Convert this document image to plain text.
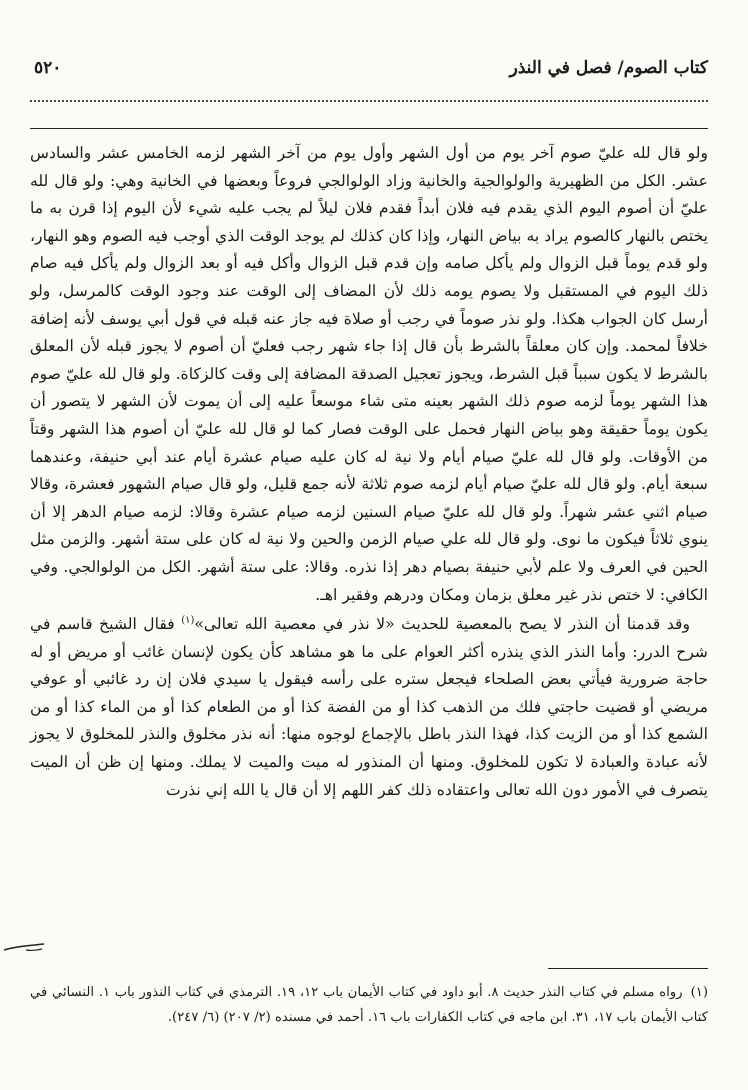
كتاب الصوم/ فصل في النذر
٥٢٠

ولو قال لله عليّ صوم آخر يوم من أول الشهر وأول يوم من آخر الشهر لزمه الخامس عشر والسادس عشر. الكل من الظهيرية والولوالجية والخانية وزاد الولوالجي فروعاً وبعضها في الخانية وهي: ولو قال لله عليّ أن أصوم اليوم الذي يقدم فيه فلان أبداً فقدم فلان ليلاً لم يجب عليه شيء لأن اليوم إذا قرن به ما يختص بالنهار كالصوم يراد به بياض النهار، وإذا كان كذلك لم يوجد الوقت الذي أوجب فيه الصوم وهو النهار، ولو قدم يوماً قبل الزوال ولم يأكل صامه وإن قدم قبل الزوال وأكل فيه أو بعد الزوال ولم يأكل فيه صام ذلك اليوم في المستقبل ولا يصوم يومه ذلك لأن المضاف إلى الوقت عند وجود الوقت كالمرسل، ولو أرسل كان الجواب هكذا. ولو نذر صوماً في رجب أو صلاة فيه جاز عنه قبله في قول أبي يوسف لأنه إضافة خلافاً لمحمد. وإن كان معلقاً بالشرط بأن قال إذا جاء شهر رجب فعليّ أن أصوم لا يجوز قبله لأن المعلق بالشرط لا يكون سبباً قبل الشرط، ويجوز تعجيل الصدقة المضافة إلى وقت كالزكاة. ولو قال لله عليّ صوم هذا الشهر يوماً لزمه صوم ذلك الشهر بعينه متى شاء موسعاً عليه إلى أن يموت لأن الشهر لا يتصور أن يكون يوماً حقيقة وهو بياض النهار فحمل على الوقت فصار كما لو قال لله عليّ أن أصوم هذا الشهر وقتاً من الأوقات. ولو قال لله عليّ صيام أيام ولا نية له كان عليه صيام عشرة أيام عند أبي حنيفة، وعندهما سبعة أيام. ولو قال لله عليّ صيام أيام لزمه صوم ثلاثة لأنه جمع قليل، ولو قال صيام الشهور فعشرة، وقالا صيام اثني عشر شهراً. ولو قال لله عليّ صيام السنين لزمه صيام عشرة وقالا: لزمه صيام الدهر إلا أن ينوي ثلاثاً فيكون ما نوى. ولو قال لله علي صيام الزمن والحين ولا نية له كان على ستة أشهر. والزمن مثل الحين في العرف ولا علم لأبي حنيفة بصيام دهر إذا نذره. وقالا: على ستة أشهر. الكل من الولوالجي. وفي الكافي: لا ختص نذر غير معلق بزمان ومكان ودرهم وفقير اهـ.

وقد قدمنا أن النذر لا يصح بالمعصية للحديث «لا نذر في معصية الله تعالى»$^{(١)}$ فقال الشيخ قاسم في شرح الدرر: وأما النذر الذي ينذره أكثر العوام على ما هو مشاهد كأن يكون لإنسان غائب أو مريض أو له حاجة ضرورية فيأتي بعض الصلحاء فيجعل ستره على رأسه فيقول يا سيدي فلان إن رد غائبي أو عوفي مريضي أو قضيت حاجتي فلك من الذهب كذا أو من الفضة كذا أو من الطعام كذا أو من الماء كذا أو من الشمع كذا أو من الزيت كذا، فهذا النذر باطل بالإجماع لوجوه منها: أنه نذر مخلوق والنذر للمخلوق لا يجوز لأنه عبادة والعبادة لا تكون للمخلوق. ومنها أن المنذور له ميت والميت لا يملك. ومنها إن ظن أن الميت يتصرف في الأمور دون الله تعالى واعتقاده ذلك كفر اللهم إلا أن قال يا الله إني نذرت

(١)رواه مسلم في كتاب النذر حديث ٨. أبو داود في كتاب الأيمان باب ١٢، ١٩. الترمذي في كتاب النذور باب ١. النسائي في كتاب الأيمان باب ١٧، ٣١. ابن ماجه في كتاب الكفارات باب ١٦. أحمد في مسنده (٢/ ٢٠٧) (٦/ ٢٤٧).
